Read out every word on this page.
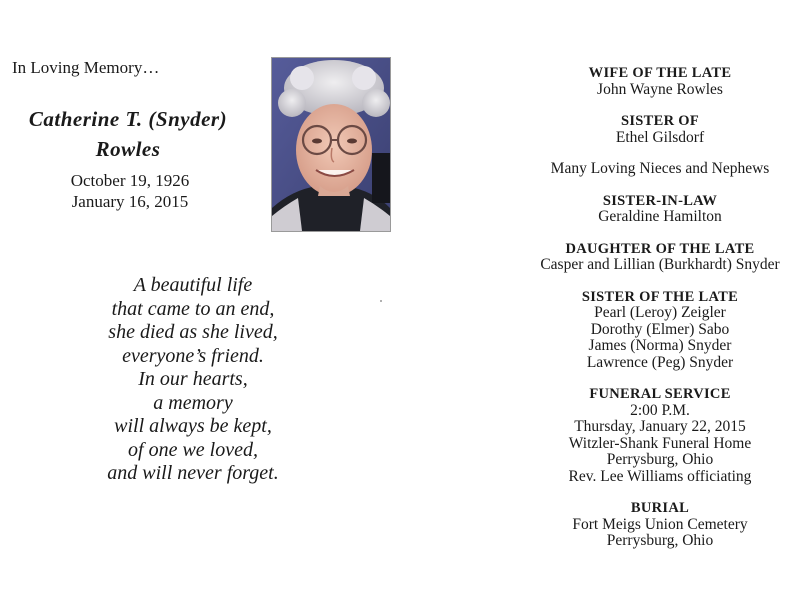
In Loving Memory…
Catherine T. (Snyder)
Rowles
October 19, 1926
January 16, 2015
A beautiful life
that came to an end,
she died as she lived,
everyone’s friend.
In our hearts,
a memory
will always be kept,
of one we loved,
and will never forget.
WIFE OF THE LATE
John Wayne Rowles
SISTER OF
Ethel Gilsdorf
Many Loving Nieces and Nephews
SISTER-IN-LAW
Geraldine Hamilton
DAUGHTER OF THE LATE
Casper and Lillian (Burkhardt) Snyder
SISTER OF THE LATE
Pearl (Leroy) Zeigler
Dorothy (Elmer) Sabo
James (Norma) Snyder
Lawrence (Peg) Snyder
FUNERAL SERVICE
2:00 P.M.
Thursday, January 22, 2015
Witzler-Shank Funeral Home
Perrysburg, Ohio
Rev. Lee Williams officiating
BURIAL
Fort Meigs Union Cemetery
Perrysburg, Ohio
